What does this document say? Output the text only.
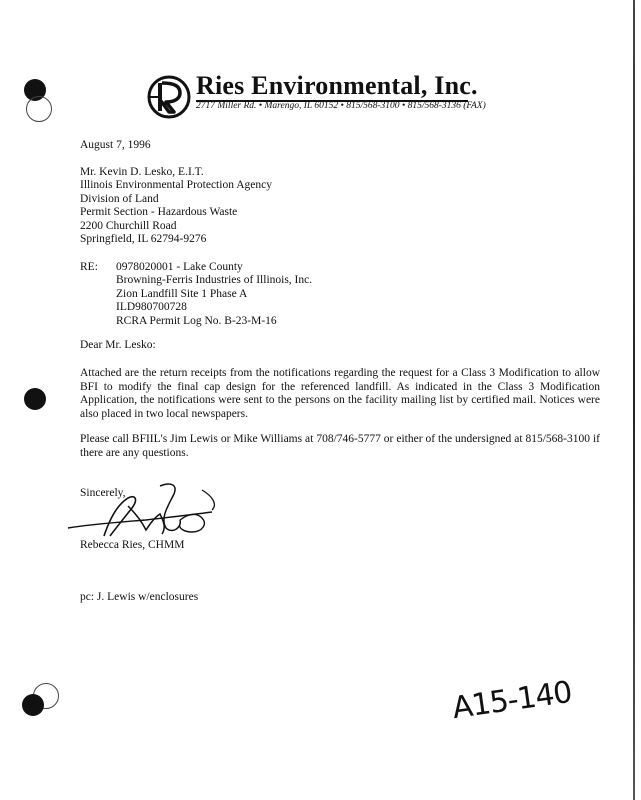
Ries Environmental, Inc.
2717 Miller Rd. • Marengo, IL 60152 • 815/568-3100 • 815/568-3136 (FAX)
August 7, 1996
Mr. Kevin D. Lesko, E.I.T.
Illinois Environmental Protection Agency
Division of Land
Permit Section - Hazardous Waste
2200 Churchill Road
Springfield, IL 62794-9276
RE: 0978020001 - Lake County
Browning-Ferris Industries of Illinois, Inc.
Zion Landfill Site 1 Phase A
ILD980700728
RCRA Permit Log No. B-23-M-16
Dear Mr. Lesko:
Attached are the return receipts from the notifications regarding the request for a Class 3 Modification to allow BFI to modify the final cap design for the referenced landfill. As indicated in the Class 3 Modification Application, the notifications were sent to the persons on the facility mailing list by certified mail. Notices were also placed in two local newspapers.
Please call BFIIL's Jim Lewis or Mike Williams at 708/746-5777 or either of the undersigned at 815/568-3100 if there are any questions.
Sincerely,
Rebecca Ries, CHMM
pc: J. Lewis w/enclosures
A15-140
